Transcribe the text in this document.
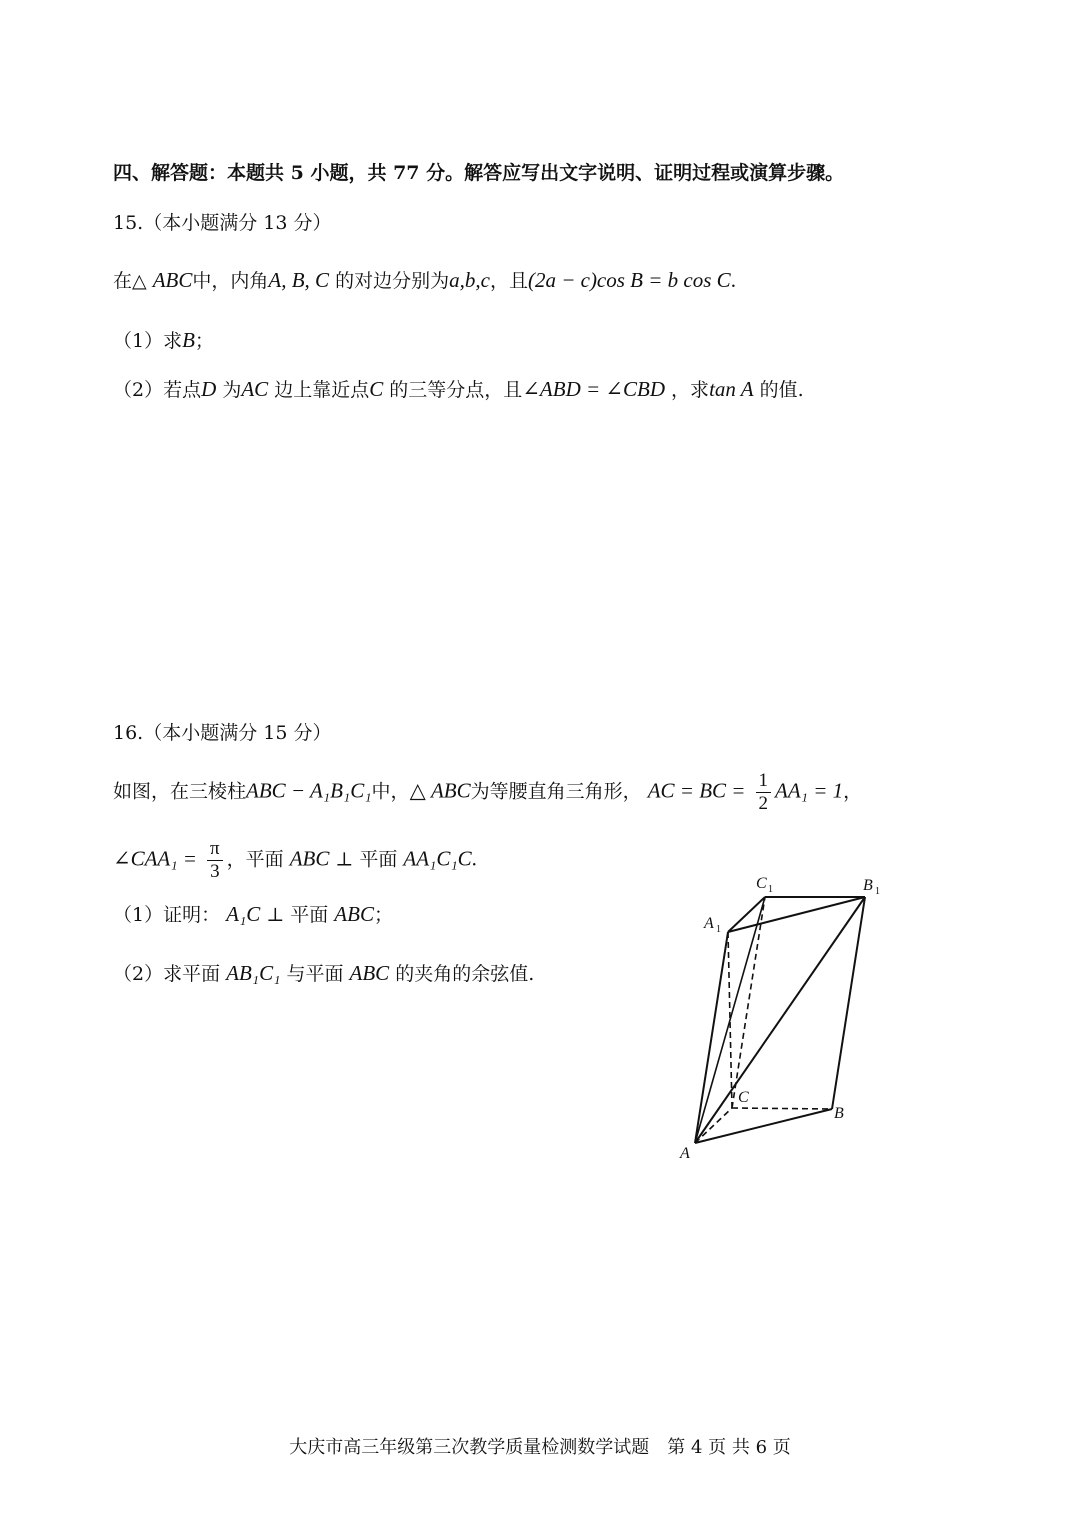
四、解答题：本题共 5 小题，共 77 分。解答应写出文字说明、证明过程或演算步骤。
15.（本小题满分 13 分）
在△ ABC中，内角A, B, C 的对边分别为a,b,c，且(2a − c)cos B = b cos C.
（1）求B；
（2）若点D 为AC 边上靠近点C 的三等分点，且∠ABD = ∠CBD ，求tan A 的值.
16.（本小题满分 15 分）
如图，在三棱柱ABC − A₁B₁C₁中，△ ABC为等腰直角三角形， AC = BC = $\frac{1}{2} AA_1 = 1$，
∠CAA₁ = $\frac{\pi}{3}$ ，平面 ABC ⊥ 平面 AA₁C₁C.
（1）证明： A₁C ⊥ 平面 ABC；
（2）求平面 AB₁C₁ 与平面 ABC 的夹角的余弦值.
A
B
C
A 1
C 1	B 1
大庆市高三年级第三次教学质量检测数学试题　第 4 页 共 6 页
